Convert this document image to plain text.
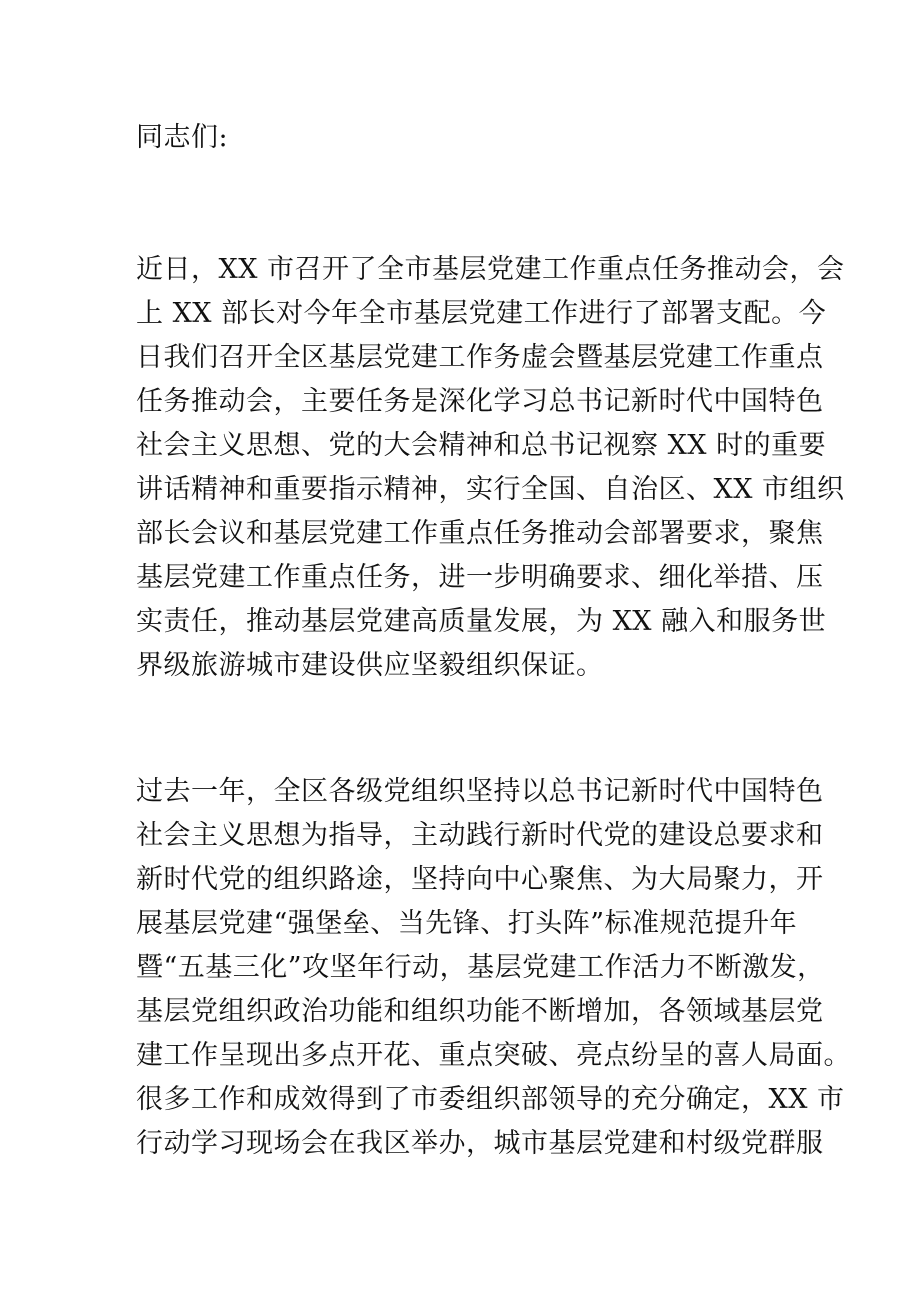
同志们:

近日，XX 市召开了全市基层党建工作重点任务推动会，会

上 XX 部长对今年全市基层党建工作进行了部署支配。今

日我们召开全区基层党建工作务虚会暨基层党建工作重点

任务推动会，主要任务是深化学习总书记新时代中国特色

社会主义思想、党的大会精神和总书记视察 XX 时的重要

讲话精神和重要指示精神，实行全国、自治区、XX 市组织

部长会议和基层党建工作重点任务推动会部署要求，聚焦

基层党建工作重点任务，进一步明确要求、细化举措、压

实责任，推动基层党建高质量发展，为 XX 融入和服务世

界级旅游城市建设供应坚毅组织保证。

过去一年，全区各级党组织坚持以总书记新时代中国特色

社会主义思想为指导，主动践行新时代党的建设总要求和

新时代党的组织路途，坚持向中心聚焦、为大局聚力，开

展基层党建“强堡垒、当先锋、打头阵”标准规范提升年

暨“五基三化”攻坚年行动，基层党建工作活力不断激发，

基层党组织政治功能和组织功能不断增加，各领域基层党

建工作呈现出多点开花、重点突破、亮点纷呈的喜人局面。

很多工作和成效得到了市委组织部领导的充分确定，XX 市

行动学习现场会在我区举办，城市基层党建和村级党群服
